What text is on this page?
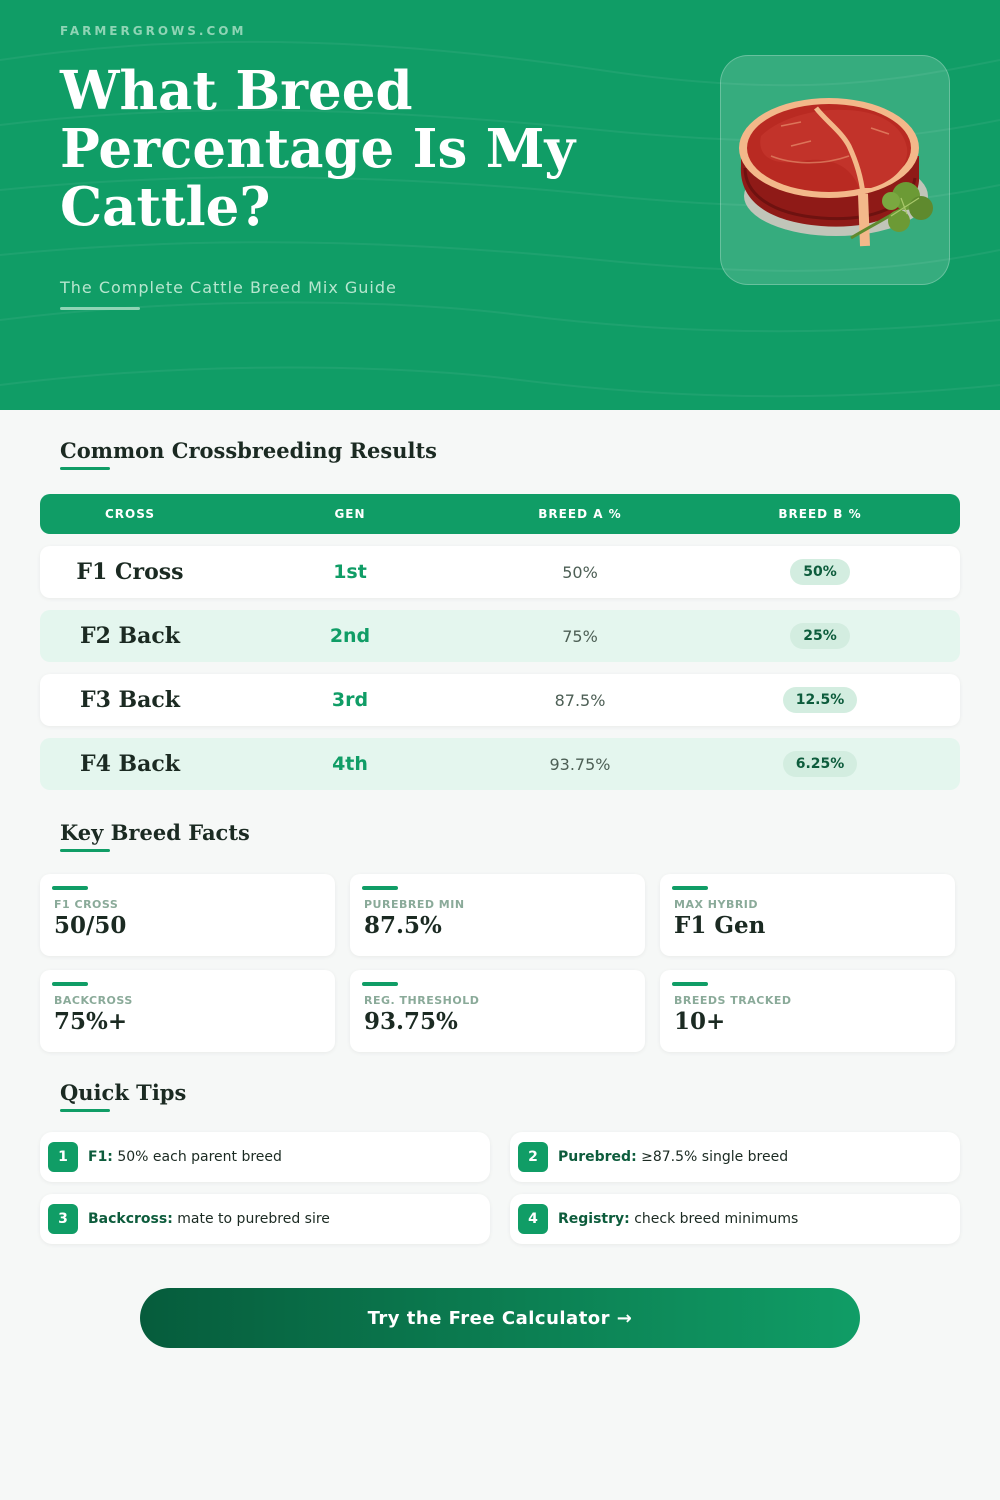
FARMERGROWS.COM
What Breed Percentage Is My Cattle?
The Complete Cattle Breed Mix Guide
Common Crossbreeding Results
CROSS	GEN	BREED A %	BREED B %
F1 Cross	1st	50%	50%
F2 Back	2nd	75%	25%
F3 Back	3rd	87.5%	12.5%
F4 Back	4th	93.75%	6.25%
Key Breed Facts
F1 CROSS
50/50
PUREBRED MIN
87.5%
MAX HYBRID
F1 Gen
BACKCROSS
75%+
REG. THRESHOLD
93.75%
BREEDS TRACKED
10+
Quick Tips
1	F1: 50% each parent breed	2	Purebred: ≥87.5% single breed
3	Backcross: mate to purebred sire	4	Registry: check breed minimums
Try the Free Calculator →
